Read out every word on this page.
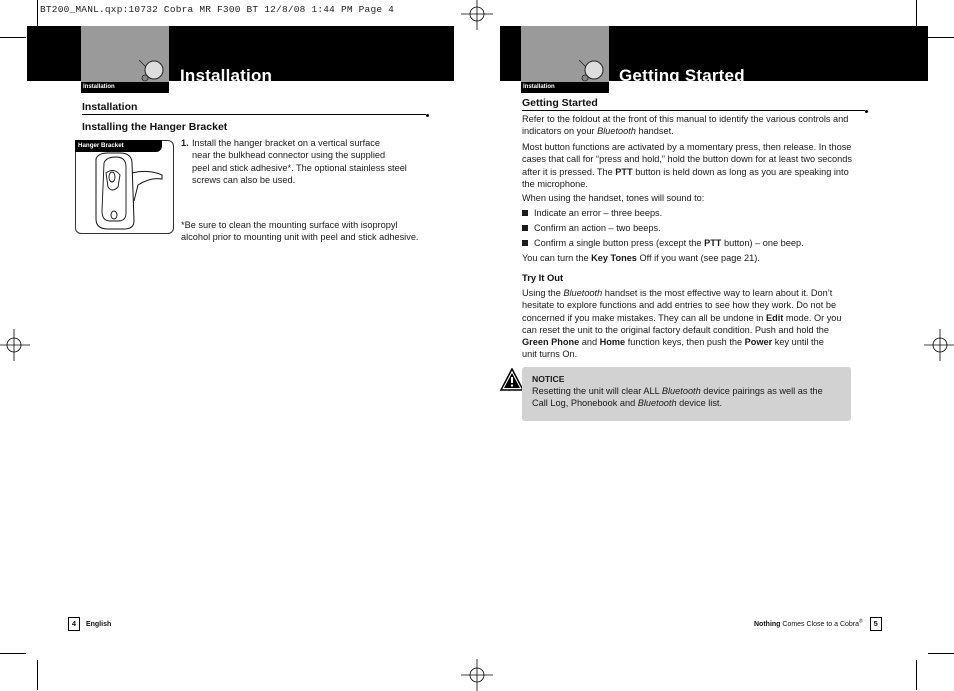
BT200_MANL.qxp:10732 Cobra MR F300 BT 12/8/08 1:44 PM Page 4
Installation
Installation
Installation
Installing the Hanger Bracket
Hanger Bracket	1. Install the hanger bracket on a vertical surface
near the bulkhead connector using the supplied
peel and stick adhesive*. The optional stainless steel
screws can also be used.
*Be sure to clean the mounting surface with isopropyl
alcohol prior to mounting unit with peel and stick adhesive.
4 English
Installation
Getting Started
Getting Started
Refer to the foldout at the front of this manual to identify the various controls and
indicators on your Bluetooth handset.
Most button functions are activated by a momentary press, then release. In those
cases that call for “press and hold,” hold the button down for at least two seconds
after it is pressed. The PTT button is held down as long as you are speaking into
the microphone.
When using the handset, tones will sound to:
Indicate an error – three beeps.
Confirm an action – two beeps.
Confirm a single button press (except the PTT button) – one beep.
You can turn the Key Tones Off if you want (see page 21).
Try It Out
Using the Bluetooth handset is the most effective way to learn about it. Don’t
hesitate to explore functions and add entries to see how they work. Do not be
concerned if you make mistakes. They can all be undone in Edit mode. Or you
can reset the unit to the original factory default condition. Push and hold the
Green Phone and Home function keys, then push the Power key until the
unit turns On.
NOTICE
Resetting the unit will clear ALL Bluetooth device pairings as well as the
Call Log, Phonebook and Bluetooth device list.
Nothing Comes Close to a Cobra® 5
